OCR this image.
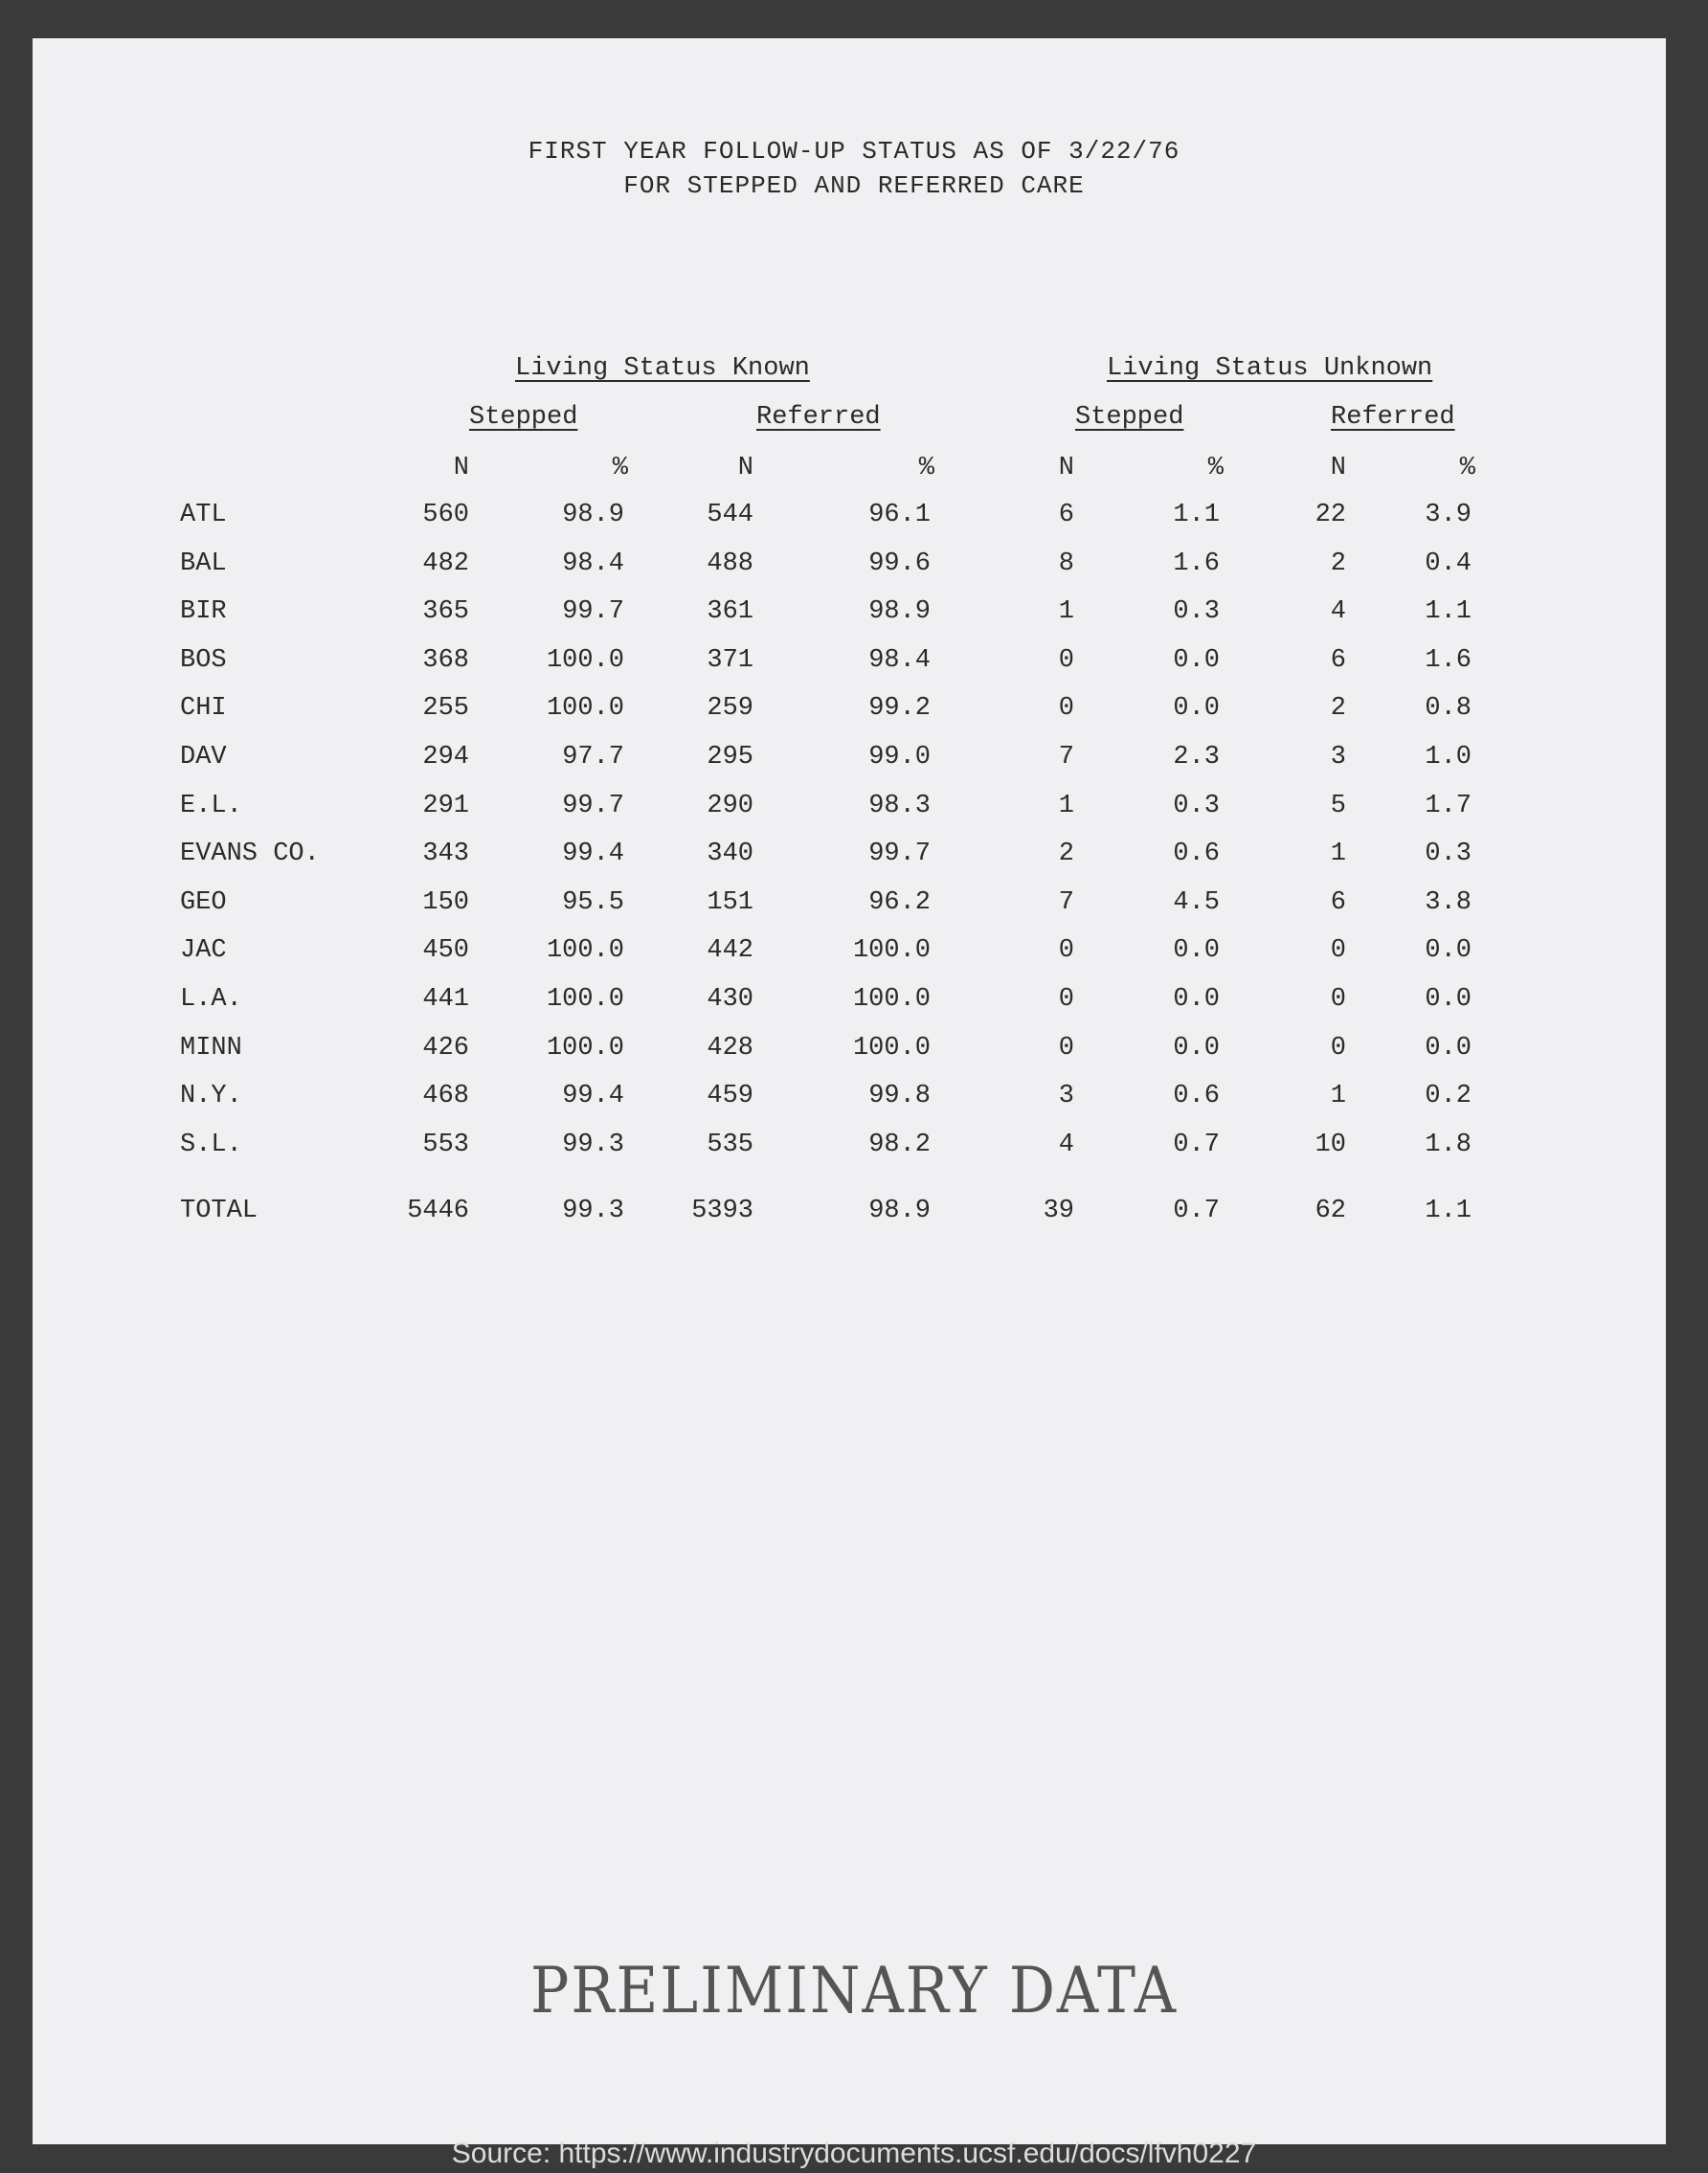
FIRST YEAR FOLLOW-UP STATUS AS OF 3/22/76
FOR STEPPED AND REFERRED CARE
Living Status Known	Living Status Unknown
Stepped	Referred	Stepped	Referred
N	%	N	%	N	%	N	%
ATL	560	98.9	544	96.1	6	1.1	22	3.9
BAL	482	98.4	488	99.6	8	1.6	2	0.4
BIR	365	99.7	361	98.9	1	0.3	4	1.1
BOS	368	100.0	371	98.4	0	0.0	6	1.6
CHI	255	100.0	259	99.2	0	0.0	2	0.8
DAV	294	97.7	295	99.0	7	2.3	3	1.0
E.L.	291	99.7	290	98.3	1	0.3	5	1.7
EVANS CO.	343	99.4	340	99.7	2	0.6	1	0.3
GEO	150	95.5	151	96.2	7	4.5	6	3.8
JAC	450	100.0	442	100.0	0	0.0	0	0.0
L.A.	441	100.0	430	100.0	0	0.0	0	0.0
MINN	426	100.0	428	100.0	0	0.0	0	0.0
N.Y.	468	99.4	459	99.8	3	0.6	1	0.2
S.L.	553	99.3	535	98.2	4	0.7	10	1.8
TOTAL	5446	99.3	5393	98.9	39	0.7	62	1.1
PRELIMINARY DATA
Source: https://www.industrydocuments.ucsf.edu/docs/lfvh0227
